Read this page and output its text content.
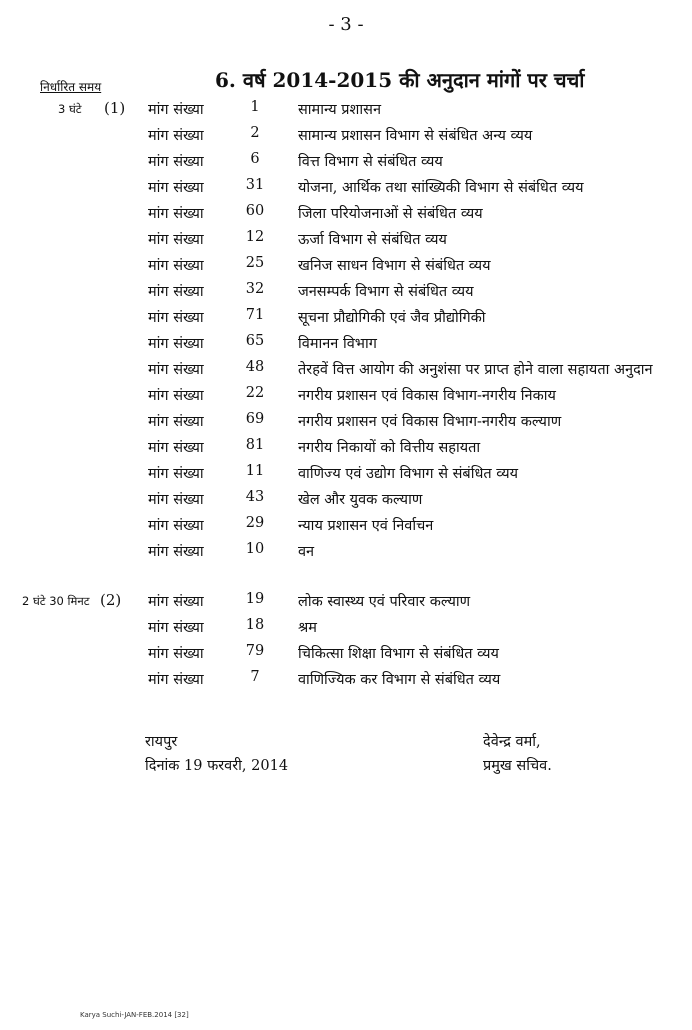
- 3 -
निर्धारित समय	6. वर्ष 2014-2015 की अनुदान मांगों पर चर्चा
3 घंटे (1) मांग संख्या	1	सामान्य प्रशासन
मांग संख्या	2	सामान्य प्रशासन विभाग से संबंधित अन्य व्यय
मांग संख्या	6	वित्त विभाग से संबंधित व्यय
मांग संख्या	31	योजना, आर्थिक तथा सांख्यिकी विभाग से संबंधित व्यय
मांग संख्या	60	जिला परियोजनाओं से संबंधित व्यय
मांग संख्या	12	ऊर्जा विभाग से संबंधित व्यय
मांग संख्या	25	खनिज साधन विभाग से संबंधित व्यय
मांग संख्या	32	जनसम्पर्क विभाग से संबंधित व्यय
मांग संख्या	71	सूचना प्रौद्योगिकी एवं जैव प्रौद्योगिकी
मांग संख्या	65	विमानन विभाग
मांग संख्या	48	तेरहवें वित्त आयोग की अनुशंसा पर प्राप्त होने वाला सहायता अनुदान
मांग संख्या	22	नगरीय प्रशासन एवं विकास विभाग-नगरीय निकाय
मांग संख्या	69	नगरीय प्रशासन एवं विकास विभाग-नगरीय कल्याण
मांग संख्या	81	नगरीय निकायों को वित्तीय सहायता
मांग संख्या	11	वाणिज्य एवं उद्योग विभाग से संबंधित व्यय
मांग संख्या	43	खेल और युवक कल्याण
मांग संख्या	29	न्याय प्रशासन एवं निर्वाचन
मांग संख्या	10	वन
2 घंटे 30 मिनट (2) मांग संख्या	19	लोक स्वास्थ्य एवं परिवार कल्याण
मांग संख्या	18	श्रम
मांग संख्या	79	चिकित्सा शिक्षा विभाग से संबंधित व्यय
मांग संख्या	7	वाणिज्यिक कर विभाग से संबंधित व्यय
रायपुर
दिनांक 19 फरवरी, 2014
देवेन्द्र वर्मा,
प्रमुख सचिव.
Karya Suchi-JAN-FEB.2014 [32]
